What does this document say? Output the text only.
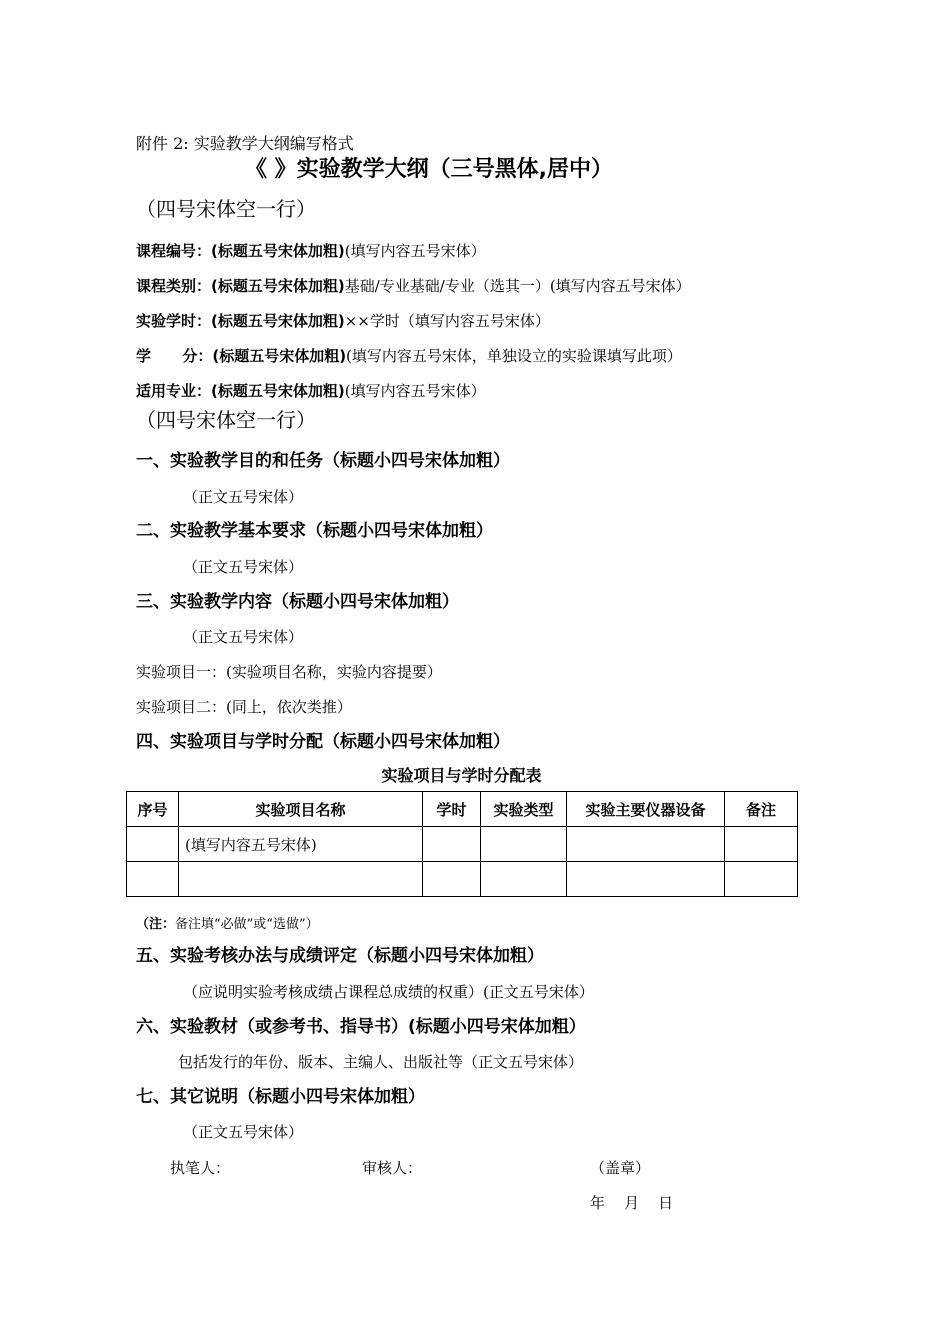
附件 2: 实验教学大纲编写格式
《 》实验教学大纲（三号黑体,居中）
（四号宋体空一行）
课程编号：(标题五号宋体加粗)(填写内容五号宋体）
课程类别：(标题五号宋体加粗)基础/专业基础/专业（选其一）(填写内容五号宋体）
实验学时：(标题五号宋体加粗)××学时（填写内容五号宋体）
学      分：(标题五号宋体加粗)(填写内容五号宋体，单独设立的实验课填写此项）
适用专业：(标题五号宋体加粗)(填写内容五号宋体）
（四号宋体空一行）
一、实验教学目的和任务（标题小四号宋体加粗）
（正文五号宋体）
二、实验教学基本要求（标题小四号宋体加粗）
（正文五号宋体）
三、实验教学内容（标题小四号宋体加粗）
（正文五号宋体）
实验项目一：(实验项目名称，实验内容提要）
实验项目二：(同上，依次类推）
四、实验项目与学时分配（标题小四号宋体加粗）
实验项目与学时分配表
序号	实验项目名称	学时	实验类型	实验主要仪器设备	备注
	(填写内容五号宋体)				

（注：备注填“必做”或“选做”）
五、实验考核办法与成绩评定（标题小四号宋体加粗）
（应说明实验考核成绩占课程总成绩的权重）(正文五号宋体）
六、实验教材（或参考书、指导书）(标题小四号宋体加粗）
包括发行的年份、版本、主编人、出版社等（正文五号宋体）
七、其它说明（标题小四号宋体加粗）
（正文五号宋体）
执笔人：	审核人：	（盖章）
年    月    日
